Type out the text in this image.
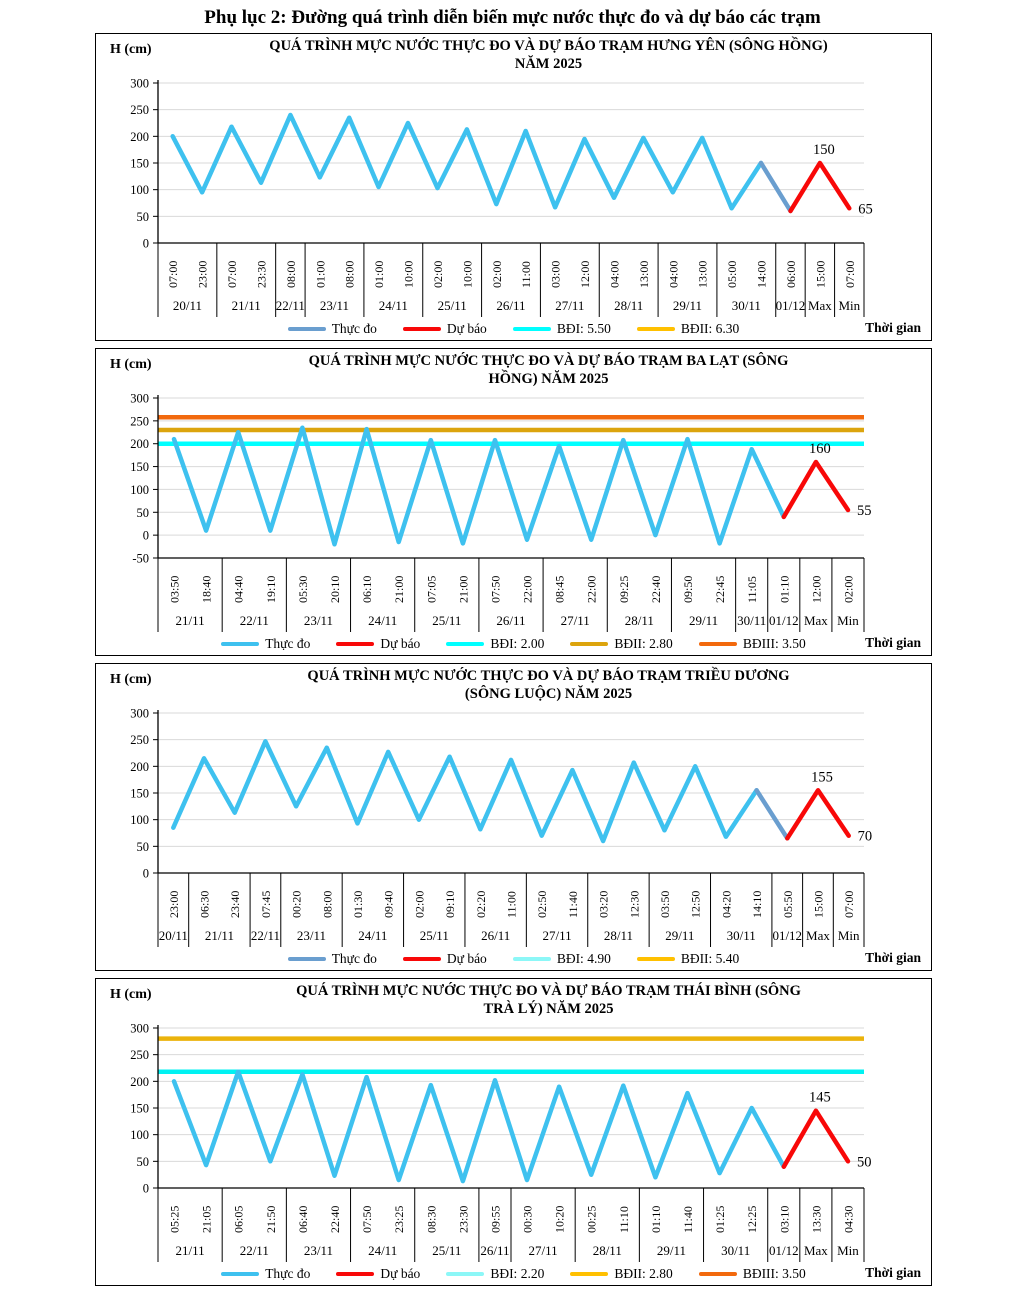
Phụ lục 2: Đường quá trình diễn biến mực nước thực đo và dự báo các trạm
H (cm)	QUÁ TRÌNH MỰC NƯỚC THỰC ĐO VÀ DỰ BÁO TRẠM HƯNG YÊN (SÔNG HỒNG)
NĂM 2025
0
50
100
150
200
250
300
20/11 21/11 22/11 23/11 24/11 25/11 26/11 27/11 28/11 29/11 30/11 01/12 Max Min
07:00 23:00 07:00 23:30 08:00 01:00 08:00 01:00 10:00 02:00 10:00 02:00 11:00 03:00 12:00 04:00 13:00 04:00 13:00 05:00 14:00 06:00 15:00 07:00
150
65
Thực đo	Dự báo	BĐI: 5.50	BĐII: 6.30	Thời gian
H (cm)	QUÁ TRÌNH MỰC NƯỚC THỰC ĐO VÀ DỰ BÁO TRẠM BA LẠT (SÔNG
HỒNG) NĂM 2025
-50
0
50
100
150
200
250
300
21/11	22/11	23/11	24/11	25/11	26/11	27/11	28/11	29/11 30/11 01/12 Max Min
03:50 18:40 04:40 19:10 05:30 20:10 06:10 21:00 07:05 21:00 07:50 22:00 08:45 22:00 09:25 22:40 09:50 22:45 11:05 01:10 12:00 02:00
160
55
Thực đo	Dự báo	BĐI: 2.00	BĐII: 2.80	BĐIII: 3.50	Thời gian
H (cm)	QUÁ TRÌNH MỰC NƯỚC THỰC ĐO VÀ DỰ BÁO TRẠM TRIỀU DƯƠNG
(SÔNG LUỘC) NĂM 2025
0
50
100
150
200
250
300
20/11 21/11 22/11 23/11 24/11 25/11 26/11 27/11 28/11 29/11 30/11 01/12 Max Min
23:00 06:30 23:40 07:45 00:20 08:00 01:30 09:40 02:00 09:10 02:20 11:00 02:50 11:40 03:20 12:30 03:50 12:50 04:20 14:10 05:50 15:00 07:00
155
70
Thực đo	Dự báo	BĐI: 4.90	BĐII: 5.40	Thời gian
H (cm)	QUÁ TRÌNH MỰC NƯỚC THỰC ĐO VÀ DỰ BÁO TRẠM THÁI BÌNH (SÔNG
TRÀ LÝ) NĂM 2025
0
50
100
150
200
250
300
21/11	22/11	23/11	24/11	25/11 26/11 27/11	28/11	29/11	30/11 01/12 Max Min
05:25 21:05 06:05 21:50 06:40 22:40 07:50 23:25 08:30 23:30 09:55 00:30 10:20 00:25 11:10 01:10 11:40 01:25 12:25 03:10 13:30 04:30
145
50
Thực đo	Dự báo	BĐI: 2.20	BĐII: 2.80	BĐIII: 3.50	Thời gian
